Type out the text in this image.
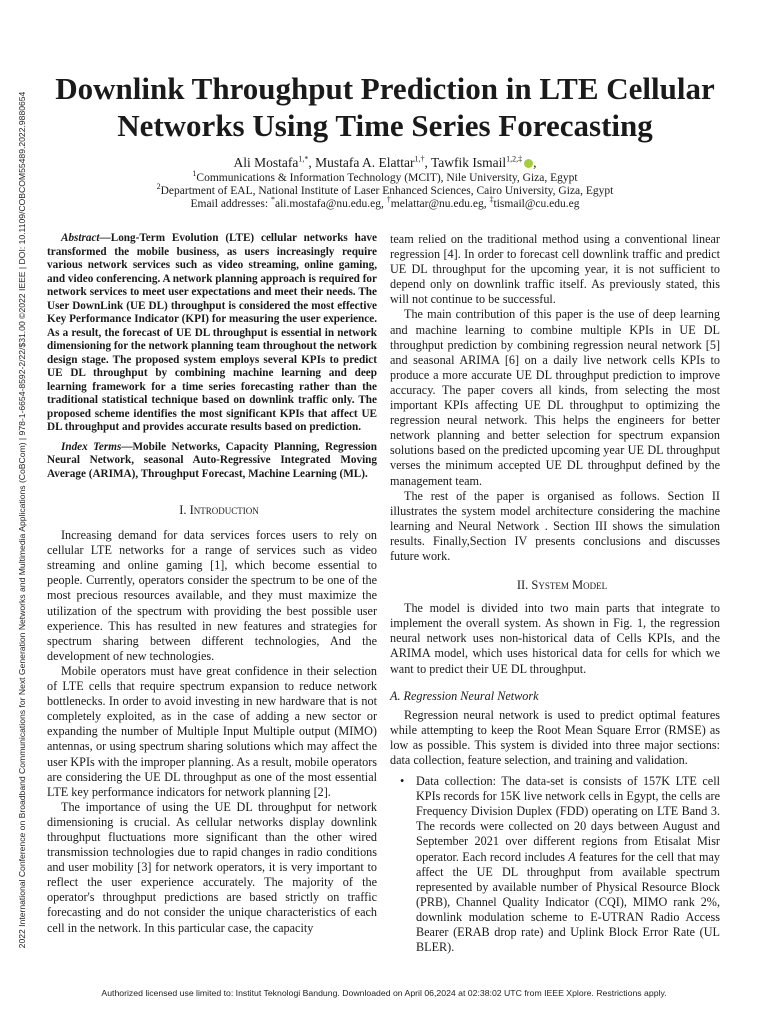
2022 International Conference on Broadband Communications for Next Generation Networks and Multimedia Applications (CoBCom) | 978-1-6654-8592-2/22/$31.00 ©2022 IEEE | DOI: 10.1109/COBCOM55489.2022.9880654
Downlink Throughput Prediction in LTE Cellular Networks Using Time Series Forecasting
Ali Mostafa$^{1,*}$, Mustafa A. Elattar$^{1,\dagger}$, Tawfik Ismail$^{1,2,\ddagger}$ ,
$^1$Communications & Information Technology (MCIT), Nile University, Giza, Egypt
$^2$Department of EAL, National Institute of Laser Enhanced Sciences, Cairo University, Giza, Egypt
Email addresses: *ali.mostafa@nu.edu.eg, †melattar@nu.edu.eg, ‡tismail@cu.edu.eg

Abstract—Long-Term Evolution (LTE) cellular networks have transformed the mobile business, as users increasingly require various network services such as video streaming, online gaming, and video conferencing. A network planning approach is required for network services to meet user expectations and meet their needs. The User DownLink (UE DL) throughput is considered the most effective Key Performance Indicator (KPI) for measuring the user experience. As a result, the forecast of UE DL throughput is essential in network dimensioning for the network planning team throughout the network design stage. The proposed system employs several KPIs to predict UE DL throughput by combining machine learning and deep learning framework for a time series forecasting rather than the traditional statistical technique based on downlink traffic only. The proposed scheme identifies the most significant KPIs that affect UE DL throughput and provides accurate results based on prediction.

Index Terms—Mobile Networks, Capacity Planning, Regression Neural Network, seasonal Auto-Regressive Integrated Moving Average (ARIMA), Throughput Forecast, Machine Learning (ML).

I. Introduction

Increasing demand for data services forces users to rely on cellular LTE networks for a range of services such as video streaming and online gaming [1], which become essential to people. Currently, operators consider the spectrum to be one of the most precious resources available, and they must maximize the utilization of the spectrum with providing the best possible user experience. This has resulted in new features and strategies for spectrum sharing between different technologies, And the development of new technologies.

Mobile operators must have great confidence in their selection of LTE cells that require spectrum expansion to reduce network bottlenecks. In order to avoid investing in new hardware that is not completely exploited, as in the case of adding a new sector or expanding the number of Multiple Input Multiple output (MIMO) antennas, or using spectrum sharing solutions which may affect the user KPIs with the improper planning. As a result, mobile operators are considering the UE DL throughput as one of the most essential LTE key performance indicators for network planning [2].

The importance of using the UE DL throughput for network dimensioning is crucial. As cellular networks display downlink throughput fluctuations more significant than the other wired transmission technologies due to rapid changes in radio conditions and user mobility [3] for network operators, it is very important to reflect the user experience accurately. The majority of the operator's throughput predictions are based strictly on traffic forecasting and do not consider the unique characteristics of each cell in the network. In this particular case, the capacity

team relied on the traditional method using a conventional linear regression [4]. In order to forecast cell downlink traffic and predict UE DL throughput for the upcoming year, it is not sufficient to depend only on downlink traffic itself. As previously stated, this will not continue to be successful.

The main contribution of this paper is the use of deep learning and machine learning to combine multiple KPIs in UE DL throughput prediction by combining regression neural network [5] and seasonal ARIMA [6] on a daily live network cells KPIs to produce a more accurate UE DL throughput prediction to improve accuracy. The paper covers all kinds, from selecting the most important KPIs affecting UE DL throughput to optimizing the regression neural network. This helps the engineers for better network planning and better selection for spectrum expansion solutions based on the predicted upcoming year UE DL throughput verses the minimum accepted UE DL throughput defined by the management team.

The rest of the paper is organised as follows. Section II illustrates the system model architecture considering the machine learning and Neural Network . Section III shows the simulation results. Finally,Section IV presents conclusions and discusses future work.

II. System Model

The model is divided into two main parts that integrate to implement the overall system. As shown in Fig. 1, the regression neural network uses non-historical data of Cells KPIs, and the ARIMA model, which uses historical data for cells for which we want to predict their UE DL throughput.

A. Regression Neural Network

Regression neural network is used to predict optimal features while attempting to keep the Root Mean Square Error (RMSE) as low as possible. This system is divided into three major sections: data collection, feature selection, and training and validation.

• Data collection: The data-set is consists of 157K LTE cell KPIs records for 15K live network cells in Egypt, the cells are Frequency Division Duplex (FDD) operating on LTE Band 3. The records were collected on 20 days between August and September 2021 over different regions from Etisalat Misr operator. Each record includes A features for the cell that may affect the UE DL throughput from available spectrum represented by available number of Physical Resource Block (PRB), Channel Quality Indicator (CQI), MIMO rank 2%, downlink modulation scheme to E-UTRAN Radio Access Bearer (ERAB drop rate) and Uplink Block Error Rate (UL BLER).

Authorized licensed use limited to: Institut Teknologi Bandung. Downloaded on April 06,2024 at 02:38:02 UTC from IEEE Xplore. Restrictions apply.
